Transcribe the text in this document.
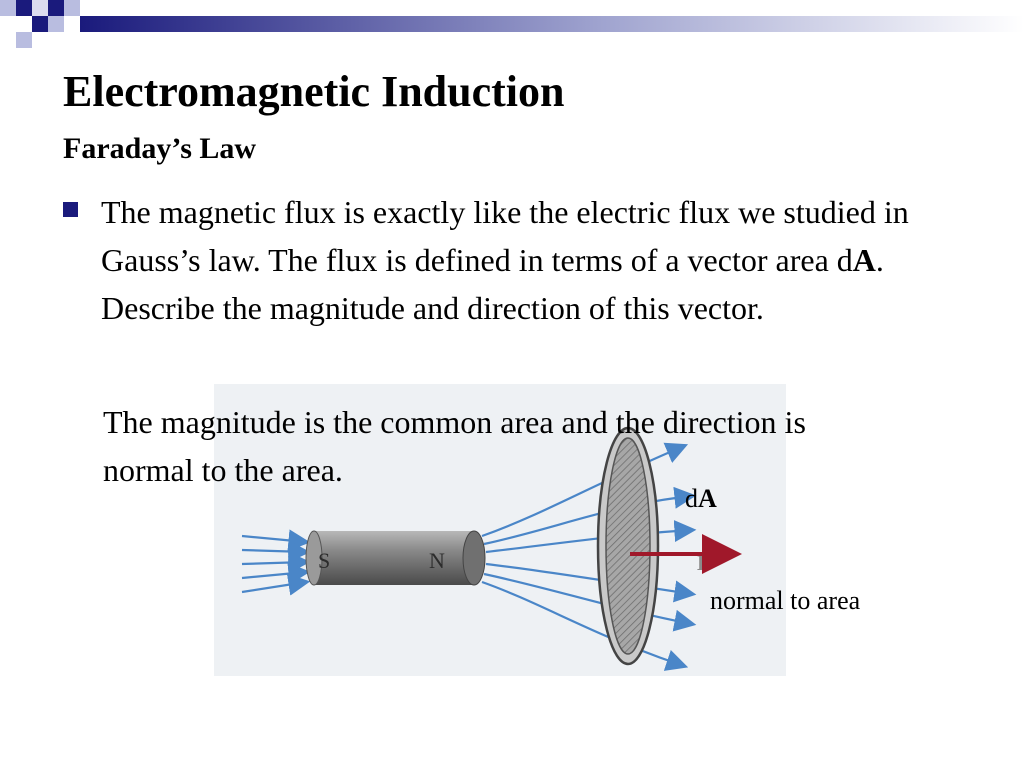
Electromagnetic Induction
Faraday’s Law
The magnetic flux is exactly like the electric flux we studied in Gauss’s law. The flux is defined in terms of a vector area dA. Describe the magnitude and direction of this vector.
S	N	B
The magnitude is the common area and the direction is normal to the area.
dA
normal to area
